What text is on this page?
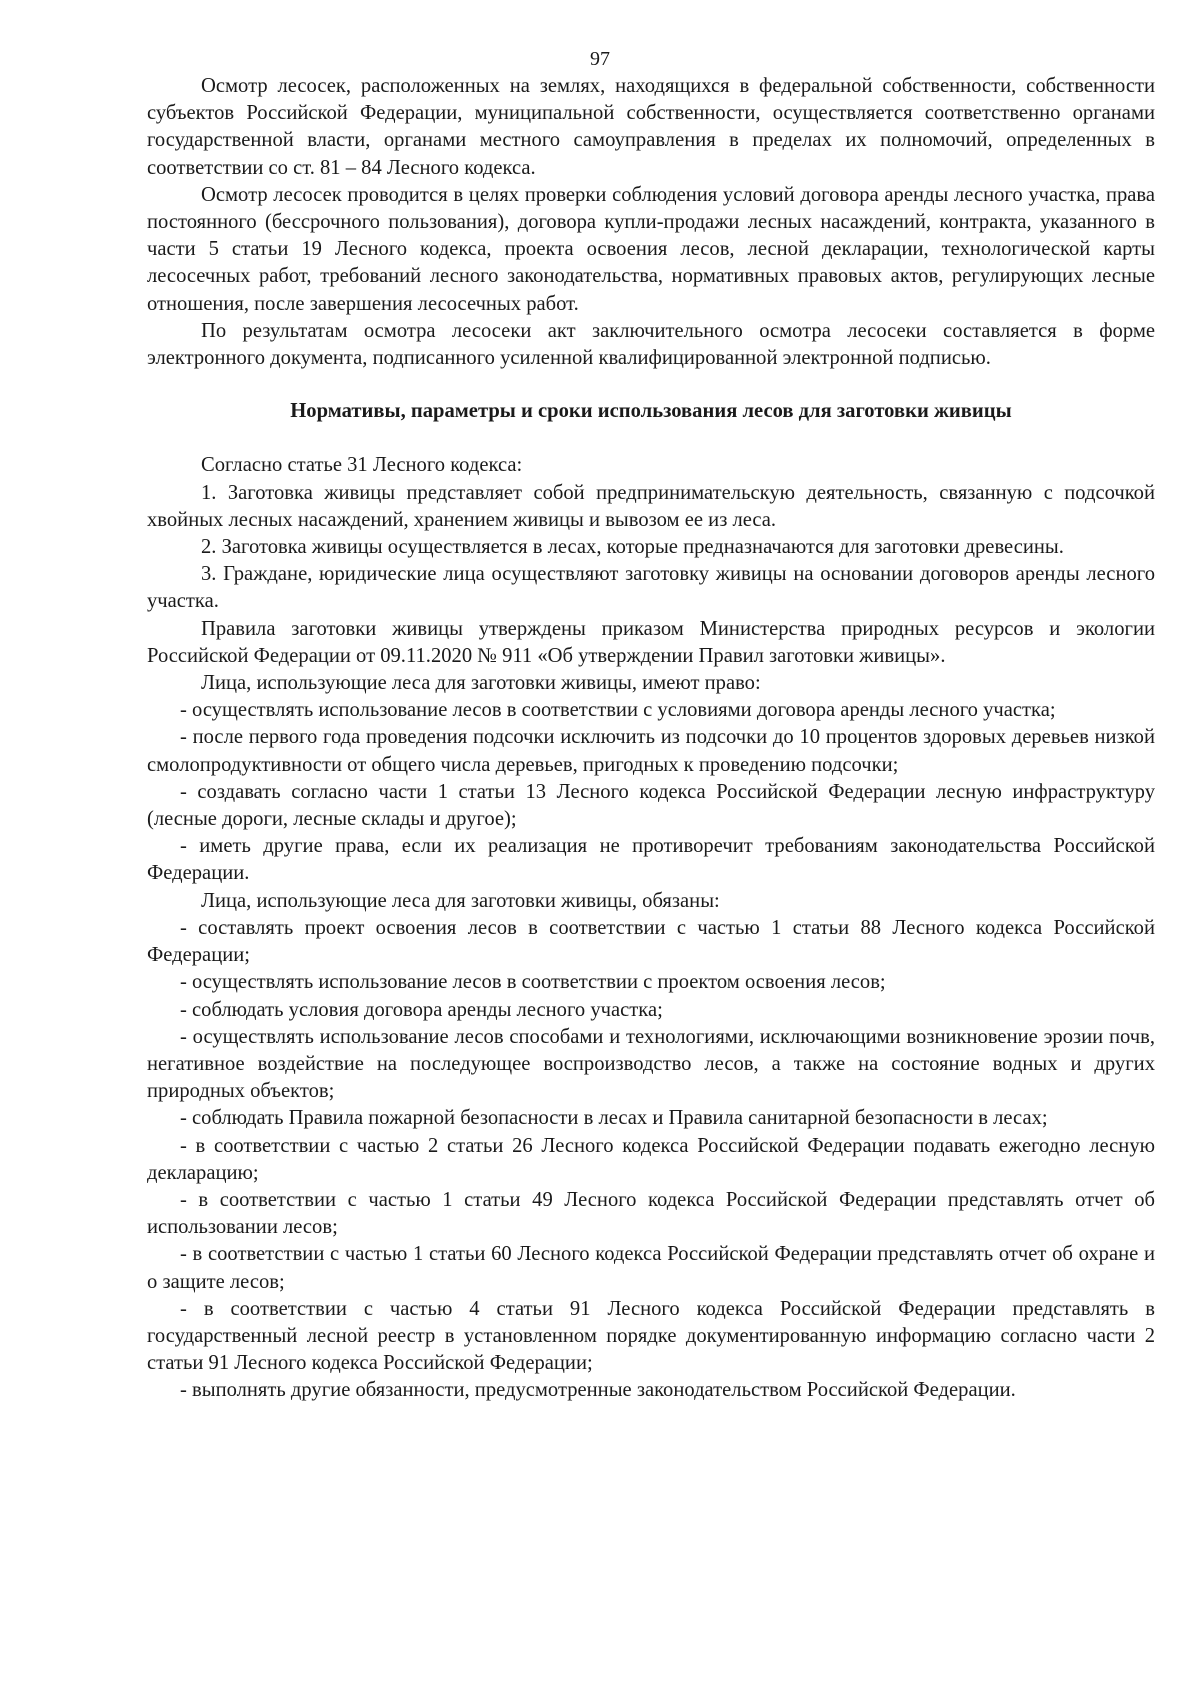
97

Осмотр лесосек, расположенных на землях, находящихся в федеральной собственности, собственности субъектов Российской Федерации, муниципальной собственности, осуществляется соответственно органами государственной власти, органами местного самоуправления в пределах их полномочий, определенных в соответствии со ст. 81 – 84 Лесного кодекса.

Осмотр лесосек проводится в целях проверки соблюдения условий договора аренды лесного участка, права постоянного (бессрочного пользования), договора купли-продажи лесных насаждений, контракта, указанного в части 5 статьи 19 Лесного кодекса, проекта освоения лесов, лесной декларации, технологической карты лесосечных работ, требований лесного законодательства, нормативных правовых актов, регулирующих лесные отношения, после завершения лесосечных работ.

По результатам осмотра лесосеки акт заключительного осмотра лесосеки составляется в форме электронного документа, подписанного усиленной квалифицированной электронной подписью.

Нормативы, параметры и сроки использования лесов для заготовки живицы

Согласно статье 31 Лесного кодекса:

1. Заготовка живицы представляет собой предпринимательскую деятельность, связанную с подсочкой хвойных лесных насаждений, хранением живицы и вывозом ее из леса.

2. Заготовка живицы осуществляется в лесах, которые предназначаются для заготовки древесины.

3. Граждане, юридические лица осуществляют заготовку живицы на основании договоров аренды лесного участка.

Правила заготовки живицы утверждены приказом Министерства природных ресурсов и экологии Российской Федерации от 09.11.2020 № 911 «Об утверждении Правил заготовки живицы».

Лица, использующие леса для заготовки живицы, имеют право:

- осуществлять использование лесов в соответствии с условиями договора аренды лесного участка;

- после первого года проведения подсочки исключить из подсочки до 10 процентов здоровых деревьев низкой смолопродуктивности от общего числа деревьев, пригодных к проведению подсочки;

- создавать согласно части 1 статьи 13 Лесного кодекса Российской Федерации лесную инфраструктуру (лесные дороги, лесные склады и другое);

- иметь другие права, если их реализация не противоречит требованиям законодательства Российской Федерации.

Лица, использующие леса для заготовки живицы, обязаны:

- составлять проект освоения лесов в соответствии с частью 1 статьи 88 Лесного кодекса Российской Федерации;

- осуществлять использование лесов в соответствии с проектом освоения лесов;

- соблюдать условия договора аренды лесного участка;

- осуществлять использование лесов способами и технологиями, исключающими возникновение эрозии почв, негативное воздействие на последующее воспроизводство лесов, а также на состояние водных и других природных объектов;

- соблюдать Правила пожарной безопасности в лесах и Правила санитарной безопасности в лесах;

- в соответствии с частью 2 статьи 26 Лесного кодекса Российской Федерации подавать ежегодно лесную декларацию;

- в соответствии с частью 1 статьи 49 Лесного кодекса Российской Федерации представлять отчет об использовании лесов;

- в соответствии с частью 1 статьи 60 Лесного кодекса Российской Федерации представлять отчет об охране и о защите лесов;

- в соответствии с частью 4 статьи 91 Лесного кодекса Российской Федерации представлять в государственный лесной реестр в установленном порядке документированную информацию согласно части 2 статьи 91 Лесного кодекса Российской Федерации;

- выполнять другие обязанности, предусмотренные законодательством Российской Федерации.
